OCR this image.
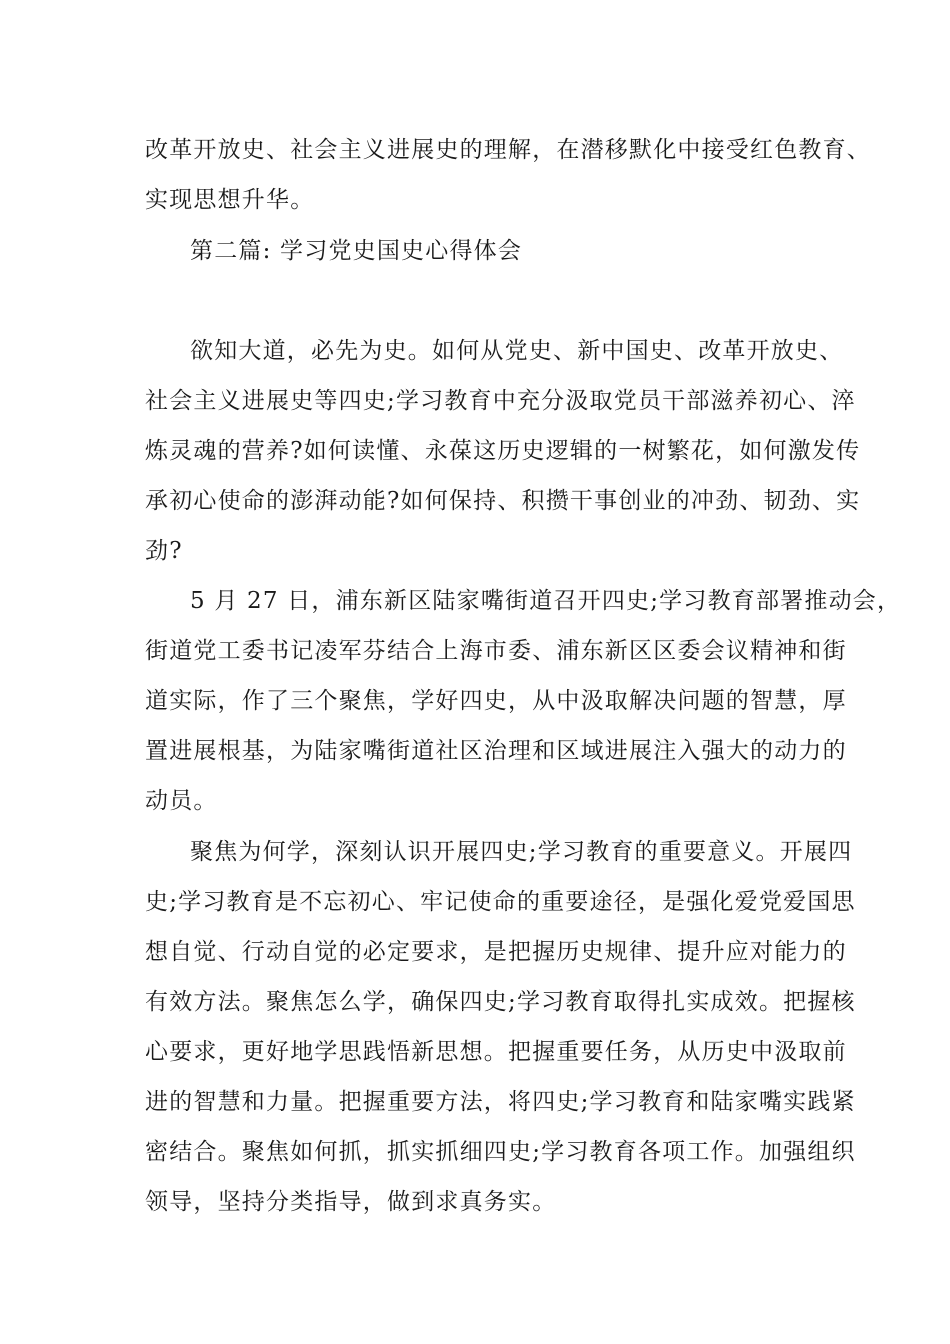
改革开放史、社会主义进展史的理解，在潜移默化中接受红色教育、
实现思想升华。
第二篇: 学习党史国史心得体会
欲知大道，必先为史。如何从党史、新中国史、改革开放史、
社会主义进展史等四史;学习教育中充分汲取党员干部滋养初心、淬
炼灵魂的营养?如何读懂、永葆这历史逻辑的一树繁花，如何激发传
承初心使命的澎湃动能?如何保持、积攒干事创业的冲劲、韧劲、实
劲?
5 月 27 日，浦东新区陆家嘴街道召开四史;学习教育部署推动会，
街道党工委书记凌军芬结合上海市委、浦东新区区委会议精神和街
道实际，作了三个聚焦，学好四史，从中汲取解决问题的智慧，厚
置进展根基，为陆家嘴街道社区治理和区域进展注入强大的动力的
动员。
聚焦为何学，深刻认识开展四史;学习教育的重要意义。开展四
史;学习教育是不忘初心、牢记使命的重要途径，是强化爱党爱国思
想自觉、行动自觉的必定要求，是把握历史规律、提升应对能力的
有效方法。聚焦怎么学，确保四史;学习教育取得扎实成效。把握核
心要求，更好地学思践悟新思想。把握重要任务，从历史中汲取前
进的智慧和力量。把握重要方法，将四史;学习教育和陆家嘴实践紧
密结合。聚焦如何抓，抓实抓细四史;学习教育各项工作。加强组织
领导，坚持分类指导，做到求真务实。
